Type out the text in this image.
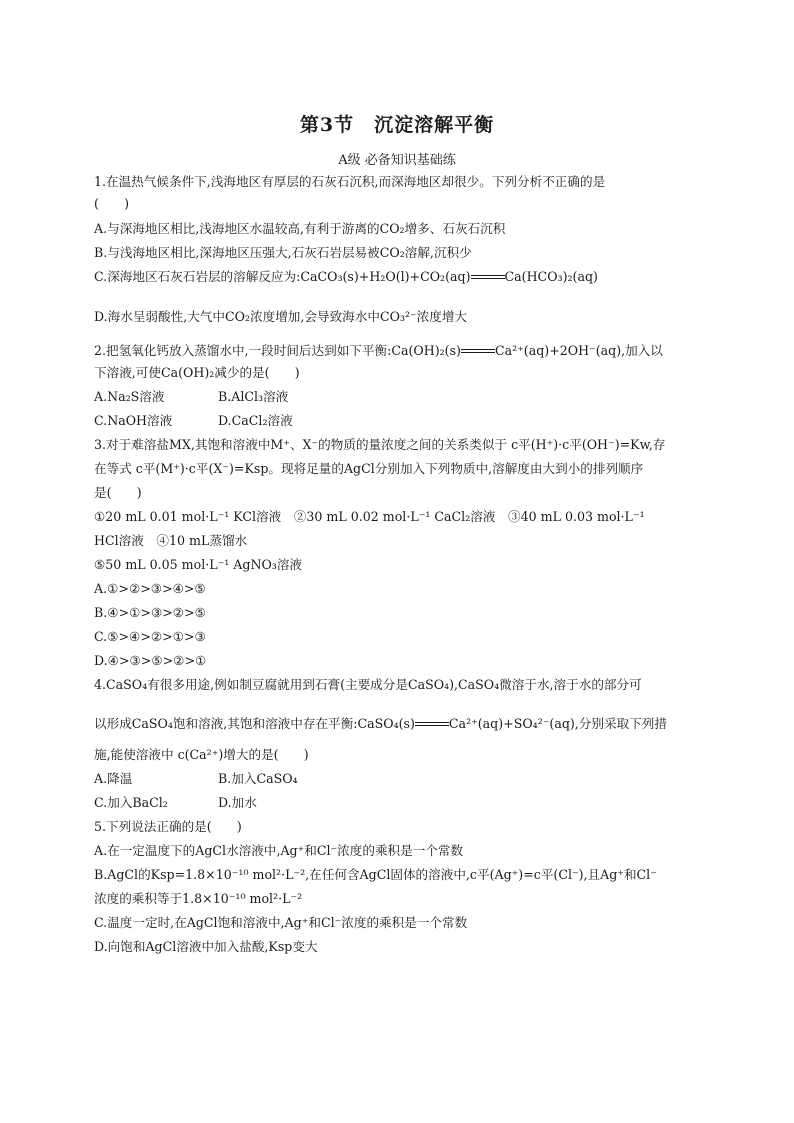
第3节　沉淀溶解平衡
A级 必备知识基础练
1.在温热气候条件下,浅海地区有厚层的石灰石沉积,而深海地区却很少。下列分析不正确的是
(　　)
A.与深海地区相比,浅海地区水温较高,有利于游离的CO₂增多、石灰石沉积
B.与浅海地区相比,深海地区压强大,石灰石岩层易被CO₂溶解,沉积少
C.深海地区石灰石岩层的溶解反应为:CaCO₃(s)+H₂O(l)+CO₂(aq)	Ca(HCO₃)₂(aq)
D.海水呈弱酸性,大气中CO₂浓度增加,会导致海水中CO₃²⁻浓度增大
2.把氢氧化钙放入蒸馏水中,一段时间后达到如下平衡:Ca(OH)₂(s)	Ca²⁺(aq)+2OH⁻(aq),加入以
下溶液,可使Ca(OH)₂减少的是(　　)
A.Na₂S溶液	B.AlCl₃溶液
C.NaOH溶液	D.CaCl₂溶液
3.对于难溶盐MX,其饱和溶液中M⁺、X⁻的物质的量浓度之间的关系类似于 c平(H⁺)·c平(OH⁻)=Kw,存
在等式 c平(M⁺)·c平(X⁻)=Ksp。现将足量的AgCl分别加入下列物质中,溶解度由大到小的排列顺序
是(　　)
①20 mL 0.01 mol·L⁻¹ KCl溶液　②30 mL 0.02 mol·L⁻¹ CaCl₂溶液　③40 mL 0.03 mol·L⁻¹
HCl溶液　④10 mL蒸馏水
⑤50 mL 0.05 mol·L⁻¹ AgNO₃溶液
A.①>②>③>④>⑤
B.④>①>③>②>⑤
C.⑤>④>②>①>③
D.④>③>⑤>②>①
4.CaSO₄有很多用途,例如制豆腐就用到石膏(主要成分是CaSO₄),CaSO₄微溶于水,溶于水的部分可
以形成CaSO₄饱和溶液,其饱和溶液中存在平衡:CaSO₄(s)	Ca²⁺(aq)+SO₄²⁻(aq),分别采取下列措
施,能使溶液中 c(Ca²⁺)增大的是(　　)
A.降温	B.加入CaSO₄
C.加入BaCl₂	D.加水
5.下列说法正确的是(　　)
A.在一定温度下的AgCl水溶液中,Ag⁺和Cl⁻浓度的乘积是一个常数
B.AgCl的Ksp=1.8×10⁻¹⁰ mol²·L⁻²,在任何含AgCl固体的溶液中,c平(Ag⁺)=c平(Cl⁻),且Ag⁺和Cl⁻
浓度的乘积等于1.8×10⁻¹⁰ mol²·L⁻²
C.温度一定时,在AgCl饱和溶液中,Ag⁺和Cl⁻浓度的乘积是一个常数
D.向饱和AgCl溶液中加入盐酸,Ksp变大
